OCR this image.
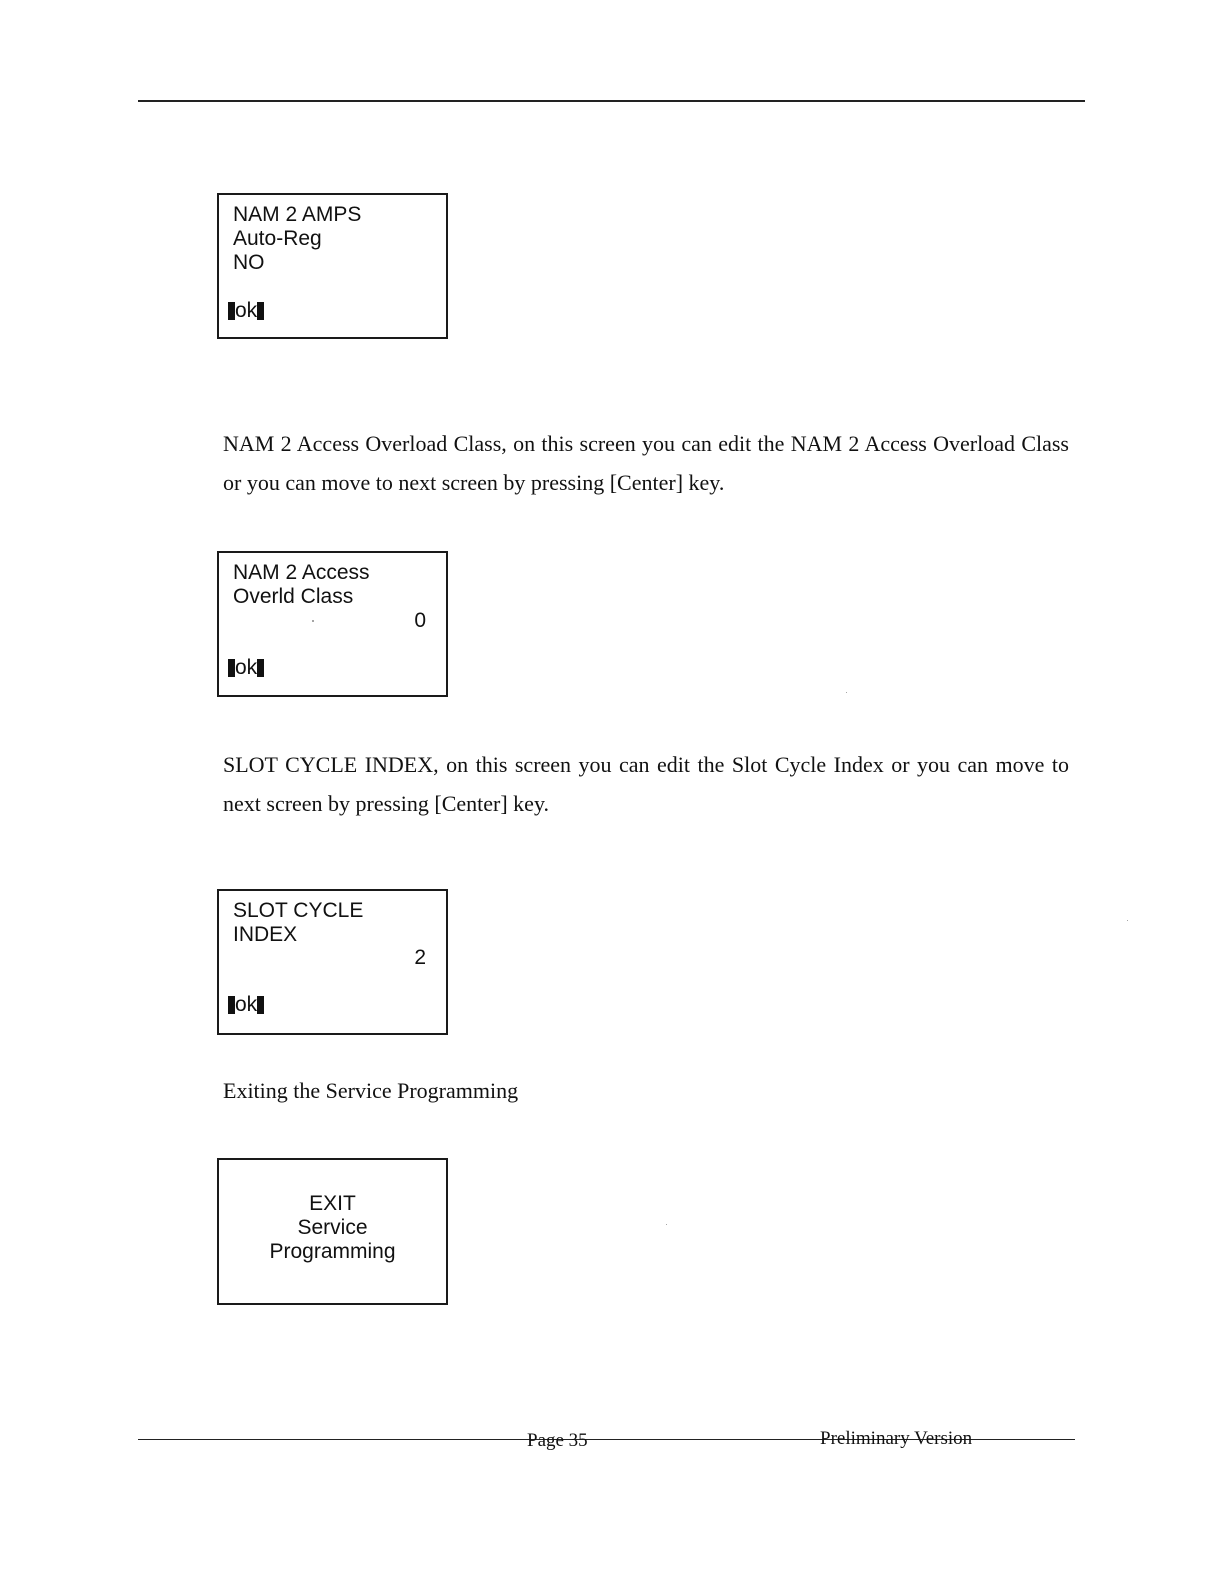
NAM 2 AMPS
Auto-Reg
NO
ok
NAM 2 Access Overload Class, on this screen you can edit the NAM 2 Access Overload Class or you can move to next screen by pressing [Center] key.
NAM 2 Access
Overld Class
0
ok
SLOT CYCLE INDEX, on this screen you can edit the Slot Cycle Index or you can move to next screen by pressing [Center] key.
SLOT CYCLE
INDEX
2
ok
Exiting the Service Programming
EXIT
Service
Programming
Page 35	Preliminary Version
